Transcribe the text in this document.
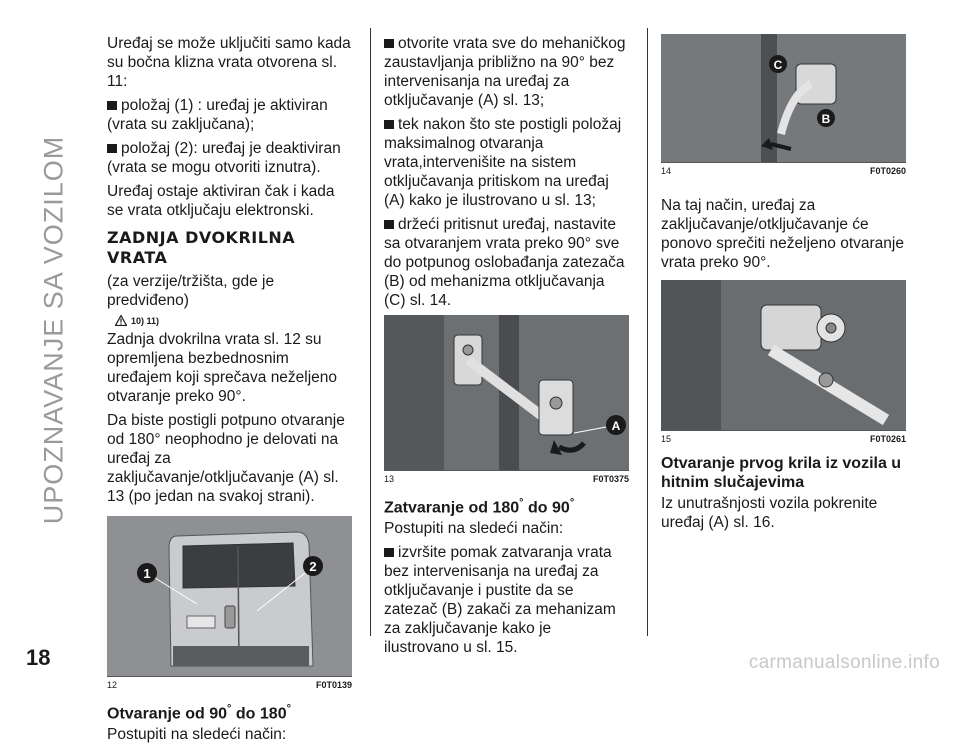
UPOZNAVANJE SA VOZILOM
18

Uređaj se može uključiti samo kada su bočna klizna vrata otvorena sl. 11:

položaj (1) : uređaj je aktiviran (vrata su zaključana);

položaj (2): uređaj je deaktiviran (vrata se mogu otvoriti iznutra).

Uređaj ostaje aktiviran čak i kada se vrata otključaju elektronski.

ZADNJA DVOKRILNA VRATA

(za verzije/tržišta, gde je predviđeno)

10) 11)

Zadnja dvokrilna vrata sl. 12 su opremljena bezbednosnim uređajem koji sprečava neželjeno otvaranje preko 90°.

Da biste postigli potpuno otvaranje od 180° neophodno je delovati na uređaj za zaključavanje/otključavanje (A) sl. 13 (po jedan na svakoj strani).

1	2
12	F0T0139
Otvaranje od 90° do 180°

Postupiti na sledeći način:

otvorite vrata sve do mehaničkog zaustavljanja približno na 90° bez intervenisanja na uređaj za otključavanje (A) sl. 13;

tek nakon što ste postigli položaj maksimalnog otvaranja vrata,intervenišite na sistem otključavanja pritiskom na uređaj (A) kako je ilustrovano u sl. 13;

držeći pritisnut uređaj, nastavite sa otvaranjem vrata preko 90° sve do potpunog oslobađanja zatezača (B) od mehanizma otključavanja (C) sl. 14.

A
13	F0T0375
Zatvaranje od 180° do 90°

Postupiti na sledeći način:

izvršite pomak zatvaranja vrata bez intervenisanja na uređaj za otključavanje i pustite da se zatezač (B) zakači za mehanizam za zaključavanje kako je ilustrovano u sl. 15.

C
B
14	F0T0260

Na taj način, uređaj za zaključavanje/otključavanje će ponovo sprečiti neželjeno otvaranje vrata preko 90°.

15	F0T0261
Otvaranje prvog krila iz vozila u hitnim slučajevima

Iz unutrašnjosti vozila pokrenite uređaj (A) sl. 16.

carmanualsonline.info
